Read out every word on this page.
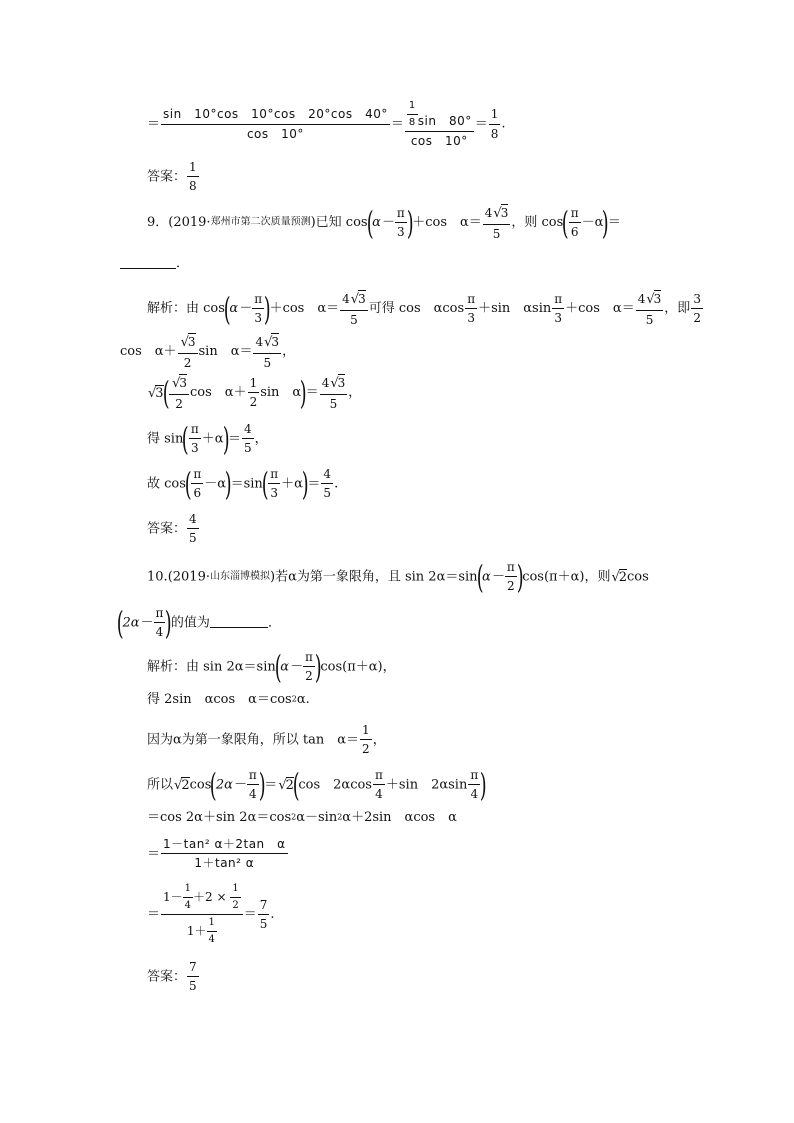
＝ $\frac{\sin 10^\circ\cos 10^\circ\cos 20^\circ\cos 40^\circ}{\cos 10^\circ} = \frac{\frac{1}{8} \sin 80^\circ}{\cos 10^\circ} = \frac{1}{8}$ .
答案： $\frac{1}{8}$
9．(2019·郑州市第二次质量预测)已知 $\cos(\alpha- \frac{\pi}{3} )+\cos$　$\alpha= \frac{4√3}{5}$ ，则 $\cos( \frac{\pi}{6} -\alpha)=$
．
解析：由 $\cos(\alpha- \frac{\pi}{3} )+\cos$　$\alpha= \frac{4√3}{5}$ 可得 cos　αcos $\frac{\pi}{3} +\sin$　αsin $\frac{\pi}{3} +\cos$　$\alpha= \frac{4√3}{5}$ ，即 $\frac{3}{2}$
cos　$\alpha+ \frac{√3}{2}$ sin　$\alpha= \frac{4√3}{5}$ ，
$√3( \frac{√3}{2}$ cos　$\alpha+ \frac{1}{2}$ sin　$\alpha)= \frac{4√3}{5}$ ，
得 $\sin( \frac{\pi}{3} +\alpha)= \frac{4}{5}$ ，
故 $\cos( \frac{\pi}{6} -\alpha)=\sin( \frac{\pi}{3} +\alpha)= \frac{4}{5}$ .
答案： $\frac{4}{5}$
10.(2019·山东淄博模拟)若α为第一象限角，且 $\sin 2\alpha=\sin(\alpha- \frac{\pi}{2} )\cos(\pi+\alpha)$，则√2cos
($2\alpha- \frac{\pi}{4}$ )的值为	．
解析：由 $\sin 2\alpha=\sin(\alpha- \frac{\pi}{2} )\cos(\pi+\alpha)$，
得 2sin　αcos　α＝cos2α.
因为α为第一象限角，所以 tan　$\alpha= \frac{1}{2}$ ，
所以$√2\cos(2\alpha- \frac{\pi}{4} )=√2(\cos$　$2\alpha\cos \frac{\pi}{4} +\sin$　$2\alpha\sin \frac{\pi}{4}$ )
＝cos 2α＋sin 2α＝cos2α－sin2α＋2sin　αcos　α
＝ $\frac{\text{1－tan² α＋2tan　α}}{\text{1＋tan² α}}$
＝ $\frac{1- \frac{1}{4} +2 \times \frac{1}{2}}{1+ \frac{1}{4}} = \frac{7}{5}$ .
答案： $\frac{7}{5}$
